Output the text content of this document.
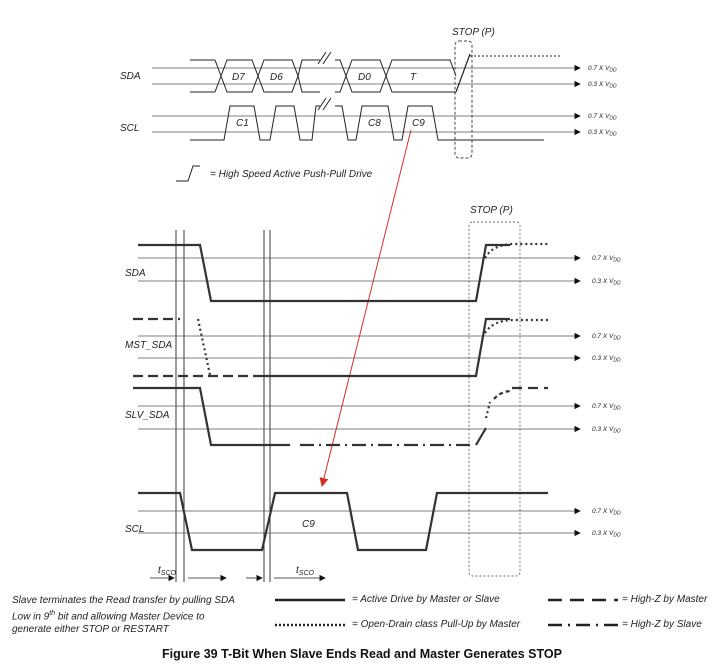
STOP (P)
SDA
SCL
0.7 X $V_{DD}$
0.3 X $V_{DD}$
0.7 X $V_{DD}$
0.3 X $V_{DD}$
D7	D6	D0	T
C1	C8	C9
= High Speed Active Push-Pull Drive
STOP (P)
SDA
MST_SDA
SLV_SDA
SCL
0.7 X $V_{DD}$
0.3 X $V_{DD}$
0.7 X $V_{DD}$
0.3 X $V_{DD}$
0.7 X $V_{DD}$
0.3 X $V_{DD}$
0.7 X $V_{DD}$
0.3 X $V_{DD}$
C9
$t_{SCO}$	$t_{SCO}$
Slave terminates the Read transfer by pulling SDA
Low in 9th bit and allowing Master Device to
generate either STOP or RESTART
= Active Drive by Master or Slave
= Open-Drain class Pull-Up by Master
= High-Z by Master
= High-Z by Slave
Figure 39 T-Bit When Slave Ends Read and Master Generates STOP
